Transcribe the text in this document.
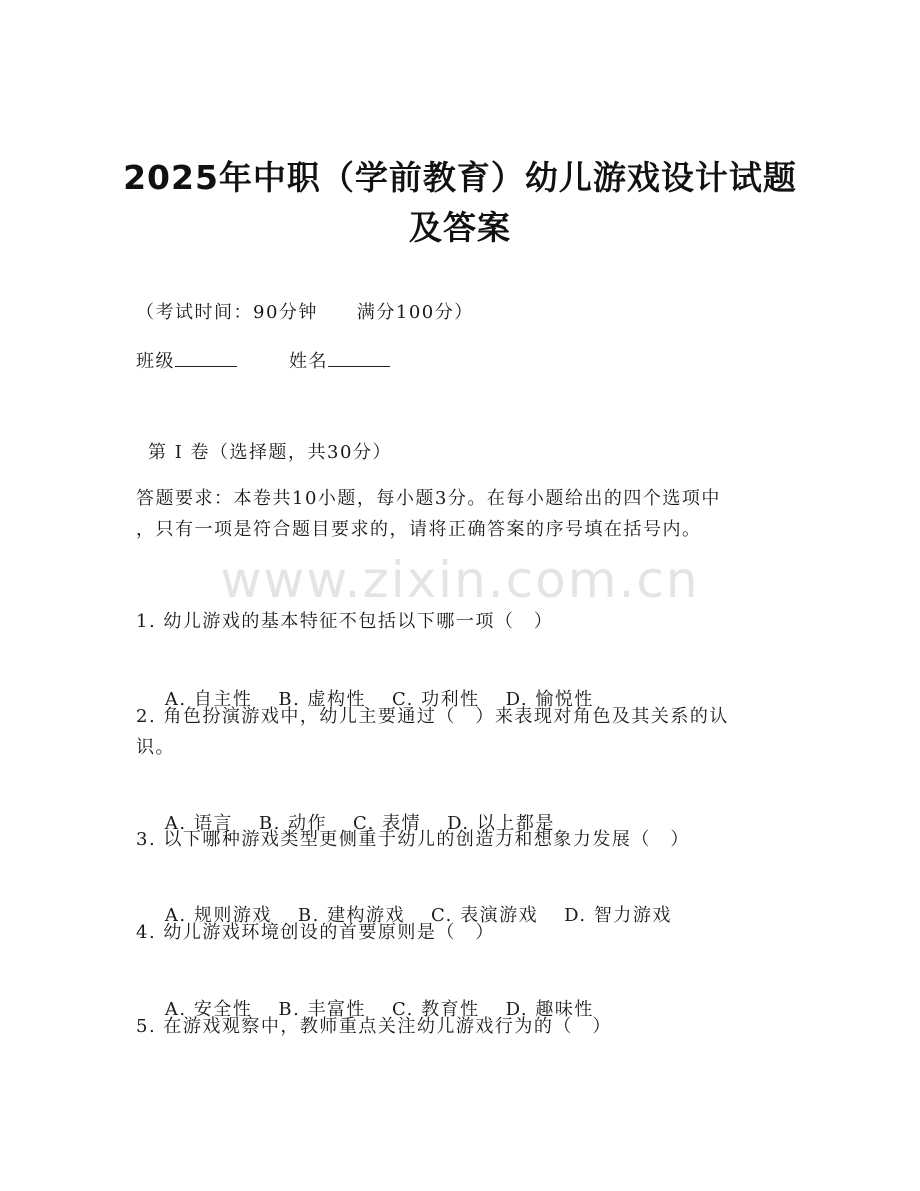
2025年中职（学前教育）幼儿游戏设计试题
及答案
（考试时间：90分钟　　满分100分）
班级	姓名
第 I 卷（选择题，共30分）
答题要求：本卷共10小题，每小题3分。在每小题给出的四个选项中
，只有一项是符合题目要求的，请将正确答案的序号填在括号内。
www.zixin.com.cn
1. 幼儿游戏的基本特征不包括以下哪一项（　）

A. 自主性 B. 虚构性 C. 功利性 D. 愉悦性

2. 角色扮演游戏中，幼儿主要通过（　）来表现对角色及其关系的认
识。

A. 语言 B. 动作 C. 表情 D. 以上都是

3. 以下哪种游戏类型更侧重于幼儿的创造力和想象力发展（　）

A. 规则游戏 B. 建构游戏 C. 表演游戏 D. 智力游戏

4. 幼儿游戏环境创设的首要原则是（　）

A. 安全性 B. 丰富性 C. 教育性 D. 趣味性

5. 在游戏观察中，教师重点关注幼儿游戏行为的（　）
